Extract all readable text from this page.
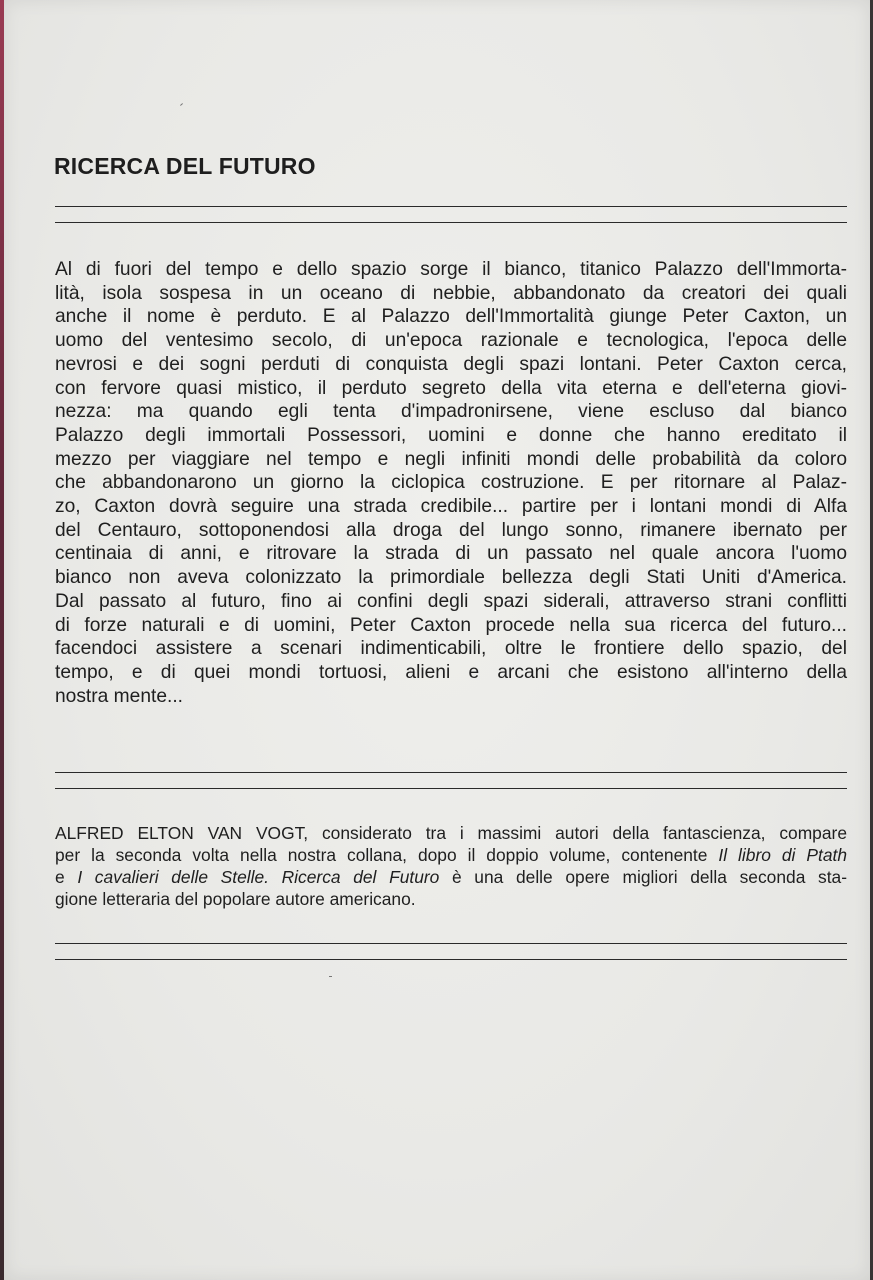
RICERCA DEL FUTURO
Al di fuori del tempo e dello spazio sorge il bianco, titanico Palazzo dell'Immorta-
lità, isola sospesa in un oceano di nebbie, abbandonato da creatori dei quali
anche il nome è perduto. E al Palazzo dell'Immortalità giunge Peter Caxton, un
uomo del ventesimo secolo, di un'epoca razionale e tecnologica, l'epoca delle
nevrosi e dei sogni perduti di conquista degli spazi lontani. Peter Caxton cerca,
con fervore quasi mistico, il perduto segreto della vita eterna e dell'eterna giovi-
nezza: ma quando egli tenta d'impadronirsene, viene escluso dal bianco
Palazzo degli immortali Possessori, uomini e donne che hanno ereditato il
mezzo per viaggiare nel tempo e negli infiniti mondi delle probabilità da coloro
che abbandonarono un giorno la ciclopica costruzione. E per ritornare al Palaz-
zo, Caxton dovrà seguire una strada credibile... partire per i lontani mondi di Alfa
del Centauro, sottoponendosi alla droga del lungo sonno, rimanere ibernato per
centinaia di anni, e ritrovare la strada di un passato nel quale ancora l'uomo
bianco non aveva colonizzato la primordiale bellezza degli Stati Uniti d'America.
Dal passato al futuro, fino ai confini degli spazi siderali, attraverso strani conflitti
di forze naturali e di uomini, Peter Caxton procede nella sua ricerca del futuro...
facendoci assistere a scenari indimenticabili, oltre le frontiere dello spazio, del
tempo, e di quei mondi tortuosi, alieni e arcani che esistono all'interno della
nostra mente...
ALFRED ELTON VAN VOGT, considerato tra i massimi autori della fantascienza, compare
per la seconda volta nella nostra collana, dopo il doppio volume, contenente Il libro di Ptath
e I cavalieri delle Stelle. Ricerca del Futuro è una delle opere migliori della seconda sta-
gione letteraria del popolare autore americano.
